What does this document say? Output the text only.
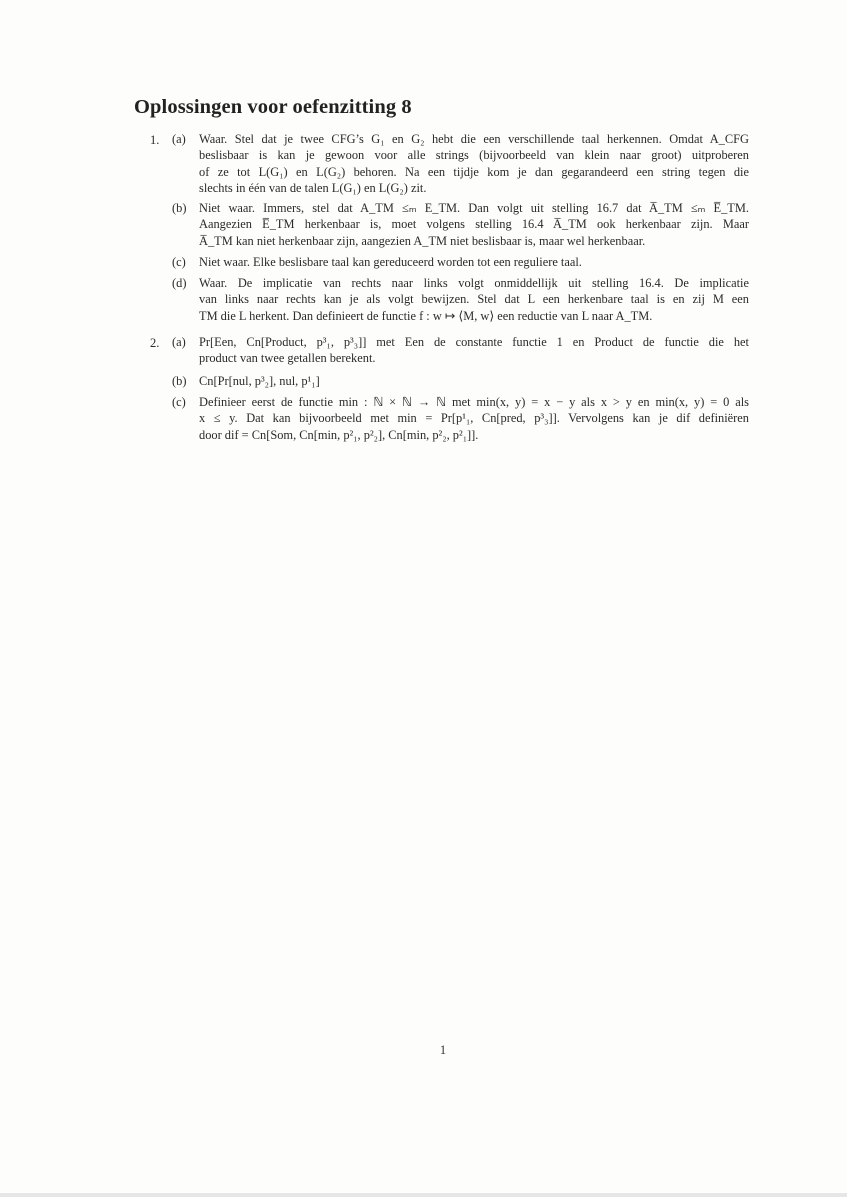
Oplossingen voor oefenzitting 8
1. (a)	Waar. Stel dat je twee CFG’s G₁ en G₂ hebt die een verschillende taal herkennen. Omdat A_CFG
beslisbaar is kan je gewoon voor alle strings (bijvoorbeeld van klein naar groot) uitproberen
of ze tot L(G₁) en L(G₂) behoren. Na een tijdje kom je dan gegarandeerd een string tegen die
slechts in één van de talen L(G₁) en L(G₂) zit.
(b)	Niet waar. Immers, stel dat A_TM ≤ₘ E_TM. Dan volgt uit stelling 16.7 dat A̅_TM ≤ₘ E̅_TM.
Aangezien E̅_TM herkenbaar is, moet volgens stelling 16.4 A̅_TM ook herkenbaar zijn. Maar
A̅_TM kan niet herkenbaar zijn, aangezien A_TM niet beslisbaar is, maar wel herkenbaar.
(c)	Niet waar. Elke beslisbare taal kan gereduceerd worden tot een reguliere taal.
(d)	Waar. De implicatie van rechts naar links volgt onmiddellijk uit stelling 16.4. De implicatie
van links naar rechts kan je als volgt bewijzen. Stel dat L een herkenbare taal is en zij M een
TM die L herkent. Dan definieert de functie f : w ↦ ⟨M, w⟩ een reductie van L naar A_TM.
2. (a)	Pr[Een, Cn[Product, p³₁, p³₃]] met Een de constante functie 1 en Product de functie die het
product van twee getallen berekent.
(b)	Cn[Pr[nul, p³₂], nul, p¹₁]
(c)	Definieer eerst de functie min : ℕ × ℕ → ℕ met min(x, y) = x − y als x > y en min(x, y) = 0 als
x ≤ y. Dat kan bijvoorbeeld met min = Pr[p¹₁, Cn[pred, p³₃]]. Vervolgens kan je dif definiëren
door dif = Cn[Som, Cn[min, p²₁, p²₂], Cn[min, p²₂, p²₁]].
1
